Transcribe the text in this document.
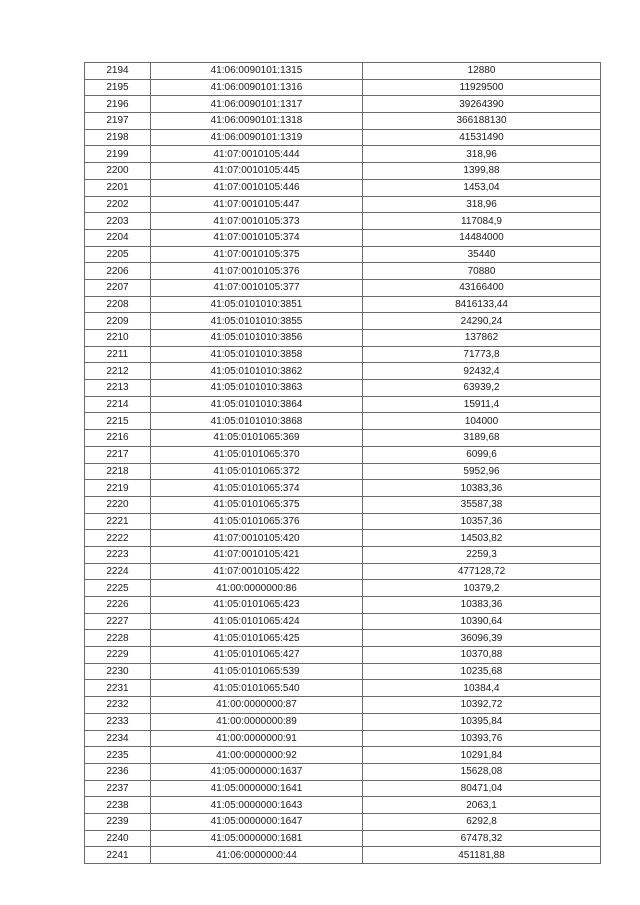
2194	41:06:0090101:1315	12880
2195	41:06:0090101:1316	11929500
2196	41:06:0090101:1317	39264390
2197	41:06:0090101:1318	366188130
2198	41:06:0090101:1319	41531490
2199	41:07:0010105:444	318,96
2200	41:07:0010105:445	1399,88
2201	41:07:0010105:446	1453,04
2202	41:07:0010105:447	318,96
2203	41:07:0010105:373	117084,9
2204	41:07:0010105:374	14484000
2205	41:07:0010105:375	35440
2206	41:07:0010105:376	70880
2207	41:07:0010105:377	43166400
2208	41:05:0101010:3851	8416133,44
2209	41:05:0101010:3855	24290,24
2210	41:05:0101010:3856	137862
2211	41:05:0101010:3858	71773,8
2212	41:05:0101010:3862	92432,4
2213	41:05:0101010:3863	63939,2
2214	41:05:0101010:3864	15911,4
2215	41:05:0101010:3868	104000
2216	41:05:0101065:369	3189,68
2217	41:05:0101065:370	6099,6
2218	41:05:0101065:372	5952,96
2219	41:05:0101065:374	10383,36
2220	41:05:0101065:375	35587,38
2221	41:05:0101065:376	10357,36
2222	41:07:0010105:420	14503,82
2223	41:07:0010105:421	2259,3
2224	41:07:0010105:422	477128,72
2225	41:00:0000000:86	10379,2
2226	41:05:0101065:423	10383,36
2227	41:05:0101065:424	10390,64
2228	41:05:0101065:425	36096,39
2229	41:05:0101065:427	10370,88
2230	41:05:0101065:539	10235,68
2231	41:05:0101065:540	10384,4
2232	41:00:0000000:87	10392,72
2233	41:00:0000000:89	10395,84
2234	41:00:0000000:91	10393,76
2235	41:00:0000000:92	10291,84
2236	41:05:0000000:1637	15628,08
2237	41:05:0000000:1641	80471,04
2238	41:05:0000000:1643	2063,1
2239	41:05:0000000:1647	6292,8
2240	41:05:0000000:1681	67478,32
2241	41:06:0000000:44	451181,88
